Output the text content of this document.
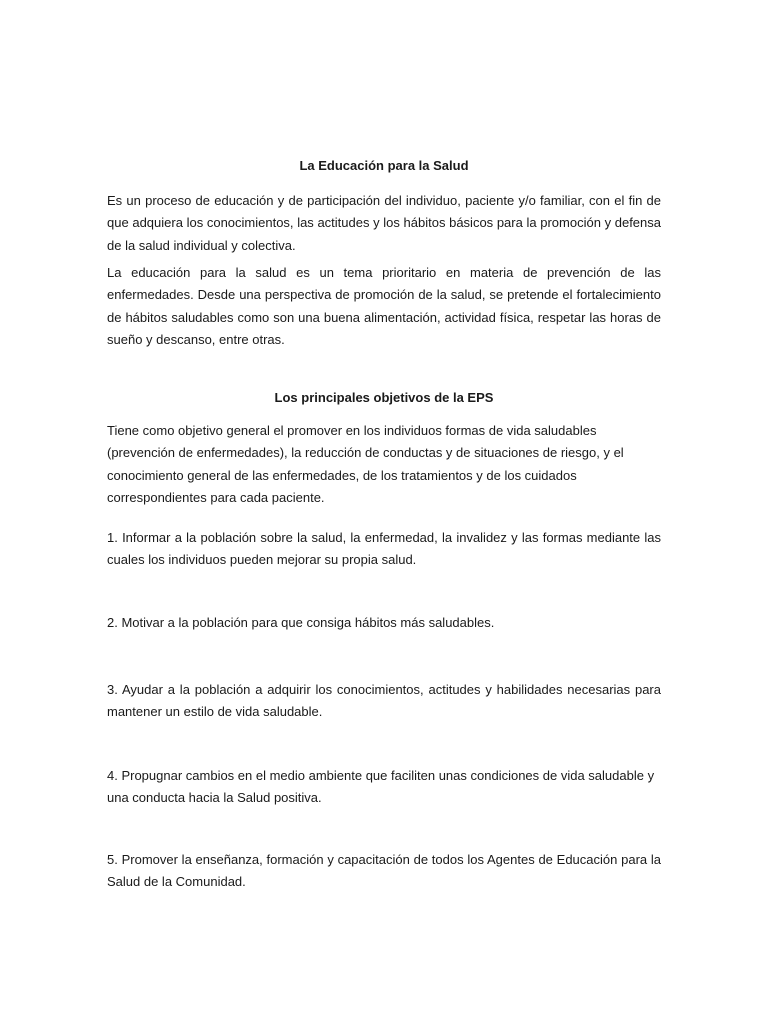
La Educación para la Salud

Es un proceso de educación y de participación del individuo, paciente y/o familiar, con el fin de que adquiera los conocimientos, las actitudes y los hábitos básicos para la promoción y defensa de la salud individual y colectiva.

La educación para la salud es un tema prioritario en materia de prevención de las enfermedades. Desde una perspectiva de promoción de la salud, se pretende el fortalecimiento de hábitos saludables como son una buena alimentación, actividad física, respetar las horas de sueño y descanso, entre otras.

Los principales objetivos de la EPS

Tiene como objetivo general el promover en los individuos formas de vida saludables (prevención de enfermedades), la reducción de conductas y de situaciones de riesgo, y el conocimiento general de las enfermedades, de los tratamientos y de los cuidados correspondientes para cada paciente.

1. Informar a la población sobre la salud, la enfermedad, la invalidez y las formas mediante las cuales los individuos pueden mejorar su propia salud.

2. Motivar a la población para que consiga hábitos más saludables.

3. Ayudar a la población a adquirir los conocimientos, actitudes y habilidades necesarias para mantener un estilo de vida saludable.

4. Propugnar cambios en el medio ambiente que faciliten unas condiciones de vida saludable y una conducta hacia la Salud positiva.

5. Promover la enseñanza, formación y capacitación de todos los Agentes de Educación para la Salud de la Comunidad.
